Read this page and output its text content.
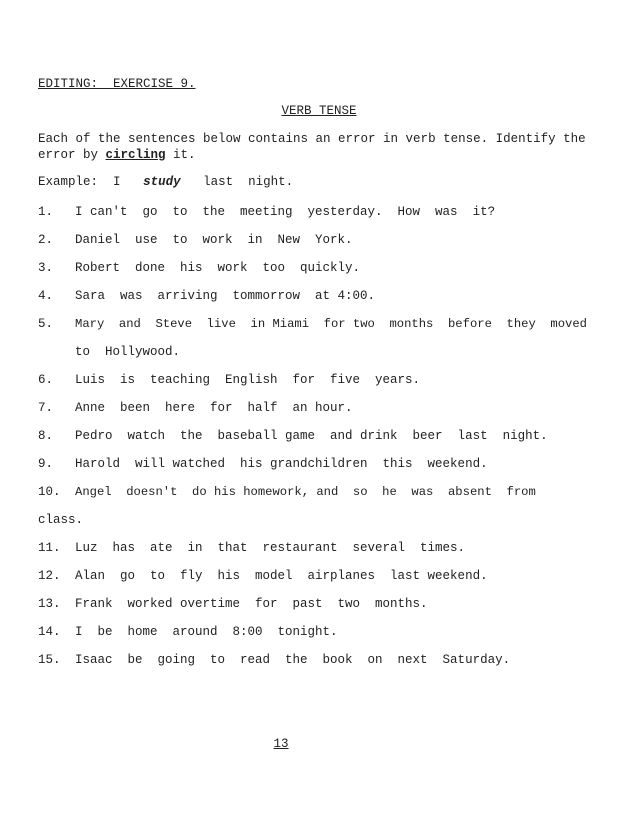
EDITING:  EXERCISE 9.
VERB TENSE
Each of the sentences below contains an error in verb tense. Identify the error by circling it.
Example: I study last  night.
1. I can't  go  to  the  meeting  yesterday.  How  was  it?
2. Daniel  use  to  work  in  New  York.
3. Robert  done  his  work  too  quickly.
4. Sara  was  arriving  tommorrow  at 4:00.
5. Mary  and  Steve  live  in Miami  for two  months  before  they  moved
to  Hollywood.
6. Luis  is  teaching  English  for  five  years.
7. Anne  been  here  for  half  an hour.
8. Pedro  watch  the  baseball game  and drink  beer  last  night.
9. Harold  will watched  his grandchildren  this  weekend.
10. Angel  doesn't  do his homework, and  so  he  was  absent  from
class.
11. Luz  has  ate  in  that  restaurant  several  times.
12. Alan  go  to  fly  his  model  airplanes  last weekend.
13. Frank  worked overtime  for  past  two  months.
14. I  be  home  around  8:00  tonight.
15. Isaac  be  going  to  read  the  book  on  next  Saturday.
13
